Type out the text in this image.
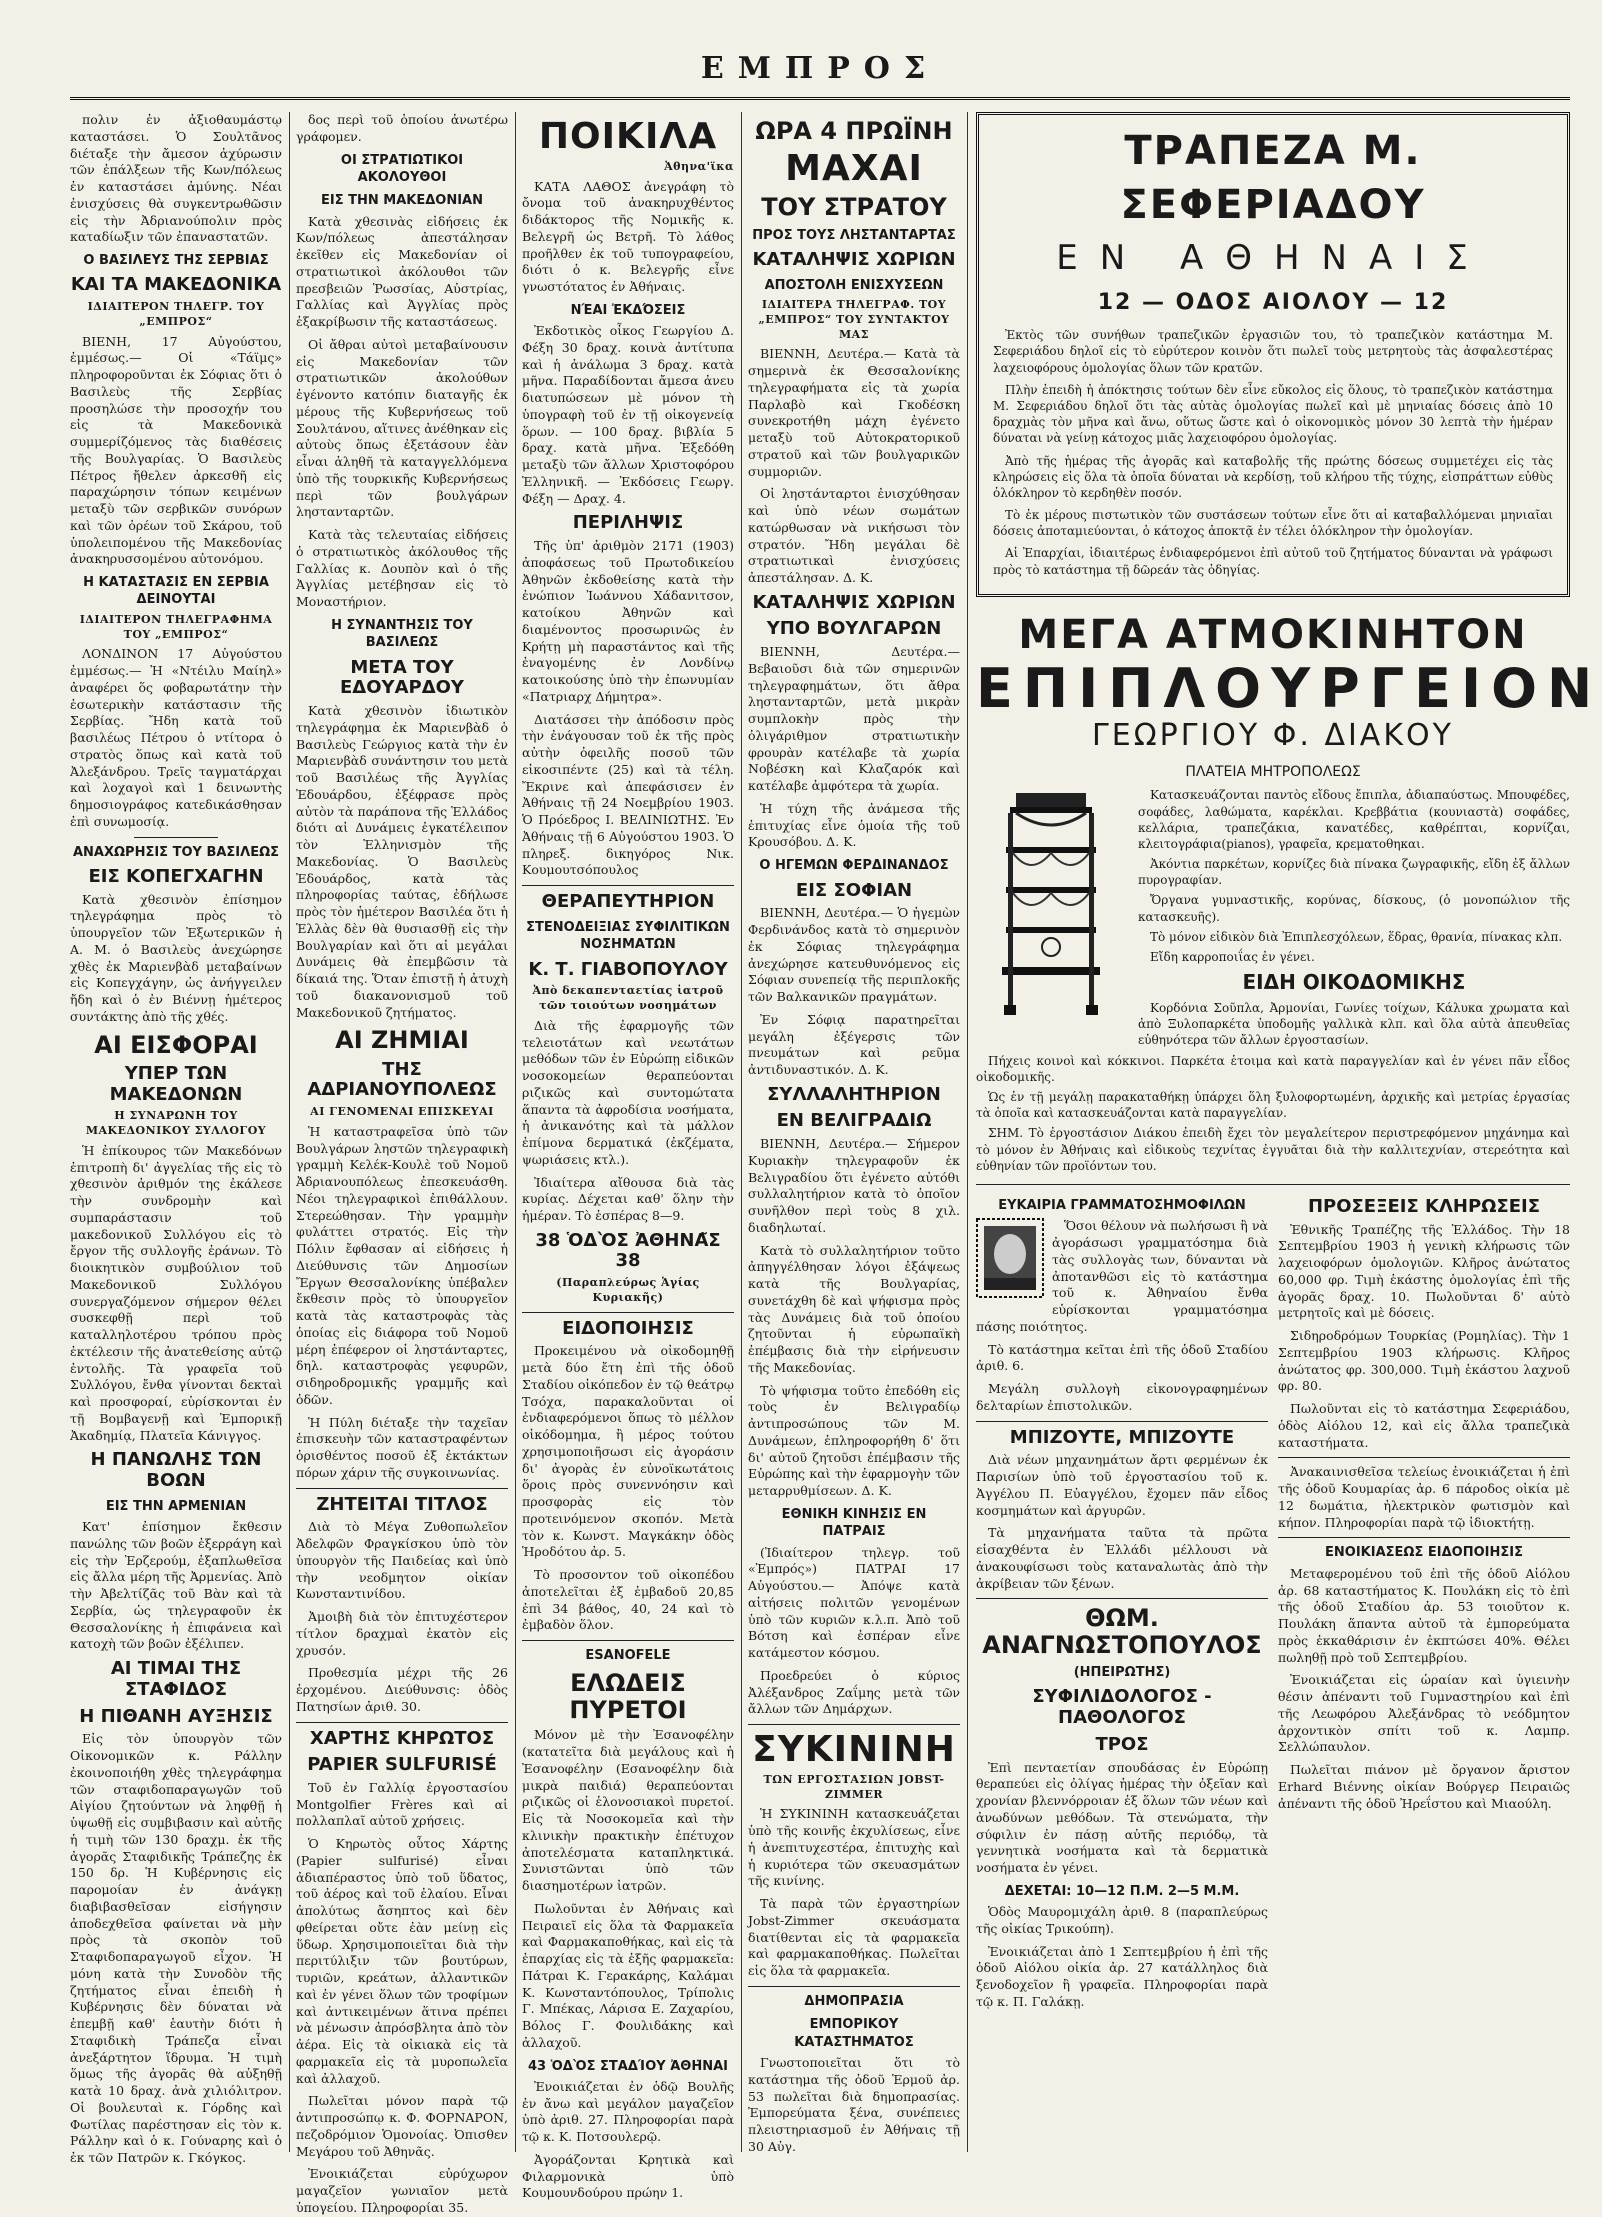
ΕΜΠΡΟΣ

πολιν ἐν ἀξιοθαυμάστῳ καταστάσει. Ὁ Σουλτᾶνος διέταξε τὴν ἄμεσον ἀχύρωσιν τῶν ἐπάλξεων τῆς Κων/πόλεως ἐν καταστάσει ἀμύνης. Νέαι ἐνισχύσεις θὰ συγκεντρωθῶσιν εἰς τὴν Ἀδριανούπολιν πρὸς καταδίωξιν τῶν ἐπαναστατῶν.

Ο ΒΑΣΙΛΕΥΣ ΤΗΣ ΣΕΡΒΙΑΣ
ΚΑΙ ΤΑ ΜΑΚΕΔΟΝΙΚΑ
ΙΔΙΑΙΤΕΡΟΝ ΤΗΛΕΓΡ. ΤΟΥ „ΕΜΠΡΟΣ“

ΒΙΕΝΗ, 17 Αὐγούστου, ἐμμέσως.— Οἱ «Τάϊμς» πληροφοροῦνται ἐκ Σόφιας ὅτι ὁ Βασιλεὺς τῆς Σερβίας προσηλώσε τὴν προσοχήν του εἰς τὰ Μακεδονικὰ συμμερίζόμενος τὰς διαθέσεις τῆς Βουλγαρίας. Ὁ Βασιλεὺς Πέτρος ἤθελεν ἀρκεσθῆ εἰς παραχώρησιν τόπων κειμένων μεταξὺ τῶν σερβικῶν συνόρων καὶ τῶν ὀρέων τοῦ Σκάρου, τοῦ ὑπολειπομένου τῆς Μακεδονίας ἀνακηρυσσομένου αὐτονόμου.

Η ΚΑΤΑΣΤΑΣΙΣ ΕΝ ΣΕΡΒΙΑ ΔΕΙΝΟΥΤΑΙ
ΙΔΙΑΙΤΕΡΟΝ ΤΗΛΕΓΡΑΦΗΜΑ ΤΟΥ „ΕΜΠΡΟΣ“

ΛΟΝΔΙΝΟΝ 17 Αὐγούστου ἐμμέσως.— Ἡ «Ντέιλυ Μαίηλ» ἀναφέρει ὅς φοβαρωτάτην τὴν ἐσωτερικὴν κατάστασιν τῆς Σερβίας. Ἤδη κατὰ τοῦ βασιλέως Πέτρου ὁ ντίτορα ὁ στρατὸς ὅπως καὶ κατὰ τοῦ Ἀλεξάνδρου. Τρεῖς ταγματάρχαι καὶ λοχαγοὶ καὶ 1 δεινωντὴς δημοσιογράφος κατεδικάσθησαν ἐπὶ συνωμοσίᾳ.

ΑΝΑΧΩΡΗΣΙΣ ΤΟΥ ΒΑΣΙΛΕΩΣ
ΕΙΣ ΚΟΠΕΓΧΑΓΗΝ

Κατὰ χθεσινὸν ἐπίσημον τηλεγράφημα πρὸς τὸ ὑπουργεῖον τῶν Ἐξωτερικῶν ἡ Α. Μ. ὁ Βασιλεὺς ἀνεχώρησε χθὲς ἐκ Μαριενβὰδ μεταβαίνων εἰς Κοπεγχάγην, ὡς ἀνήγγειλεν ἤδη καὶ ὁ ἐν Βιέννῃ ἡμέτερος συντάκτης ἀπὸ τῆς χθές.

ΑΙ ΕΙΣΦΟΡΑΙ
ΥΠΕΡ ΤΩΝ ΜΑΚΕΔΟΝΩΝ
Η ΣΥΝΑΡΩΝΗ ΤΟΥ ΜΑΚΕΔΟΝΙΚΟΥ ΣΥΛΛΟΓΟΥ

Ἡ ἐπίκουρος τῶν Μακεδόνων ἐπιτροπὴ δι' ἀγγελίας τῆς εἰς τὸ χθεσινὸν ἀριθμόν της ἐκάλεσε τὴν συνδρομὴν καὶ συμπαράστασιν τοῦ μακεδονικοῦ Συλλόγου εἰς τὸ ἔργον τῆς συλλογῆς ἐράνων. Τὸ διοικητικὸν συμβούλιον τοῦ Μακεδονικοῦ Συλλόγου συνεργαζόμενον σήμερον θέλει συσκεφθῇ περὶ τοῦ καταλληλοτέρου τρόπου πρὸς ἐκτέλεσιν τῆς ἀνατεθείσης αὐτῷ ἐντολῆς. Τὰ γραφεῖα τοῦ Συλλόγου, ἔνθα γίνονται δεκταὶ καὶ προσφοραί, εὑρίσκονται ἐν τῇ Βομβαγενῇ καὶ Ἐμπορικῇ Ἀκαδημίᾳ, Πλατεῖα Κάνιγγος.

Η ΠΑΝΩΛΗΣ ΤΩΝ ΒΟΩΝ
ΕΙΣ ΤΗΝ ΑΡΜΕΝΙΑΝ

Κατ' ἐπίσημον ἔκθεσιν πανώλης τῶν βοῶν ἐξερράγη καὶ εἰς τὴν Ἐρζερούμ, ἐξαπλωθεῖσα εἰς ἄλλα μέρη τῆς Ἀρμενίας. Ἀπὸ τὴν Ἀβελτίζᾶς τοῦ Βὰν καὶ τὰ Σερβία, ὡς τηλεγραφοῦν ἐκ Θεσσαλονίκης ἡ ἐπιφάνεια καὶ κατοχὴ τῶν βοῶν ἐξέλιπεν.

ΑΙ ΤΙΜΑΙ ΤΗΣ ΣΤΑΦΙΔΟΣ
Η ΠΙΘΑΝΗ ΑΥΞΗΣΙΣ

Εἰς τὸν ὑπουργὸν τῶν Οἰκονομικῶν κ. Ράλλην ἐκοινοποιήθη χθὲς τηλεγράφημα τῶν σταφιδοπαραγωγῶν τοῦ Αἰγίου ζητούντων νὰ ληφθῇ ἡ ὑψωθῇ εἰς συμβιβασιν καὶ αὐτῆς ἡ τιμὴ τῶν 130 δραχμ. ἐκ τῆς ἀγορᾶς Σταφιδικῆς Τράπεζης ἐκ 150 δρ. Ἡ Κυβέρνησις εἰς παρομοίαν ἐν ἀνάγκῃ διαβιβασθεῖσαν εἰσήγησιν ἀποδεχθεῖσα φαίνεται νὰ μὴν πρὸς τὰ σκοπὸν τοῦ Σταφιδοπαραγωγοῦ εἶχον. Ἡ μόνη κατὰ τὴν Συνοδὸν τῆς ζητήματος εἶναι ἐπειδὴ ἡ Κυβέρνησις δὲν δύναται νὰ ἐπεμβῇ καθ' ἑαυτὴν διότι ἡ Σταφιδικὴ Τράπεζα εἶναι ἀνεξάρτητον ἵδρυμα. Ἡ τιμὴ ὅμως τῆς ἀγορᾶς θὰ αὐξηθῇ κατὰ 10 δραχ. ἀνὰ χιλιόλιτρον. Οἱ βουλευταὶ κ. Γόρδης καὶ Φωτίλας παρέστησαν εἰς τὸν κ. Ράλλην καὶ ὁ κ. Γούναρης καὶ ὁ ἐκ τῶν Πατρῶν κ. Γκόγκος.

δος περὶ τοῦ ὁποίου ἀνωτέρω γράφομεν.

ΟΙ ΣΤΡΑΤΙΩΤΙΚΟΙ ΑΚΟΛΟΥΘΟΙ
ΕΙΣ ΤΗΝ ΜΑΚΕΔΟΝΙΑΝ

Κατὰ χθεσινὰς εἰδήσεις ἐκ Κων/πόλεως ἀπεστάλησαν ἐκεῖθεν εἰς Μακεδονίαν οἱ στρατιωτικοὶ ἀκόλουθοι τῶν πρεσβειῶν Ῥωσσίας, Αὐστρίας, Γαλλίας καὶ Ἀγγλίας πρὸς ἐξακρίβωσιν τῆς καταστάσεως.

Οἱ ἄθραι αὐτοὶ μεταβαίνουσιν εἰς Μακεδονίαν τῶν στρατιωτικῶν ἀκολούθων ἐγένοντο κατόπιν διαταγῆς ἐκ μέρους τῆς Κυβερνήσεως τοῦ Σουλτάνου, αἵτινες ἀνέθηκαν εἰς αὐτοὺς ὅπως ἐξετάσουν ἐὰν εἶναι ἀληθῆ τὰ καταγγελλόμενα ὑπὸ τῆς τουρκικῆς Κυβερνήσεως περὶ τῶν βουλγάρων ληστανταρτῶν.

Κατὰ τὰς τελευταίας εἰδήσεις ὁ στρατιωτικὸς ἀκόλουθος τῆς Γαλλίας κ. Δουπὸν καὶ ὁ τῆς Ἀγγλίας μετέβησαν εἰς τὸ Μοναστήριον.

Η ΣΥΝΑΝΤΗΣΙΣ ΤΟΥ ΒΑΣΙΛΕΩΣ
ΜΕΤΑ ΤΟΥ ΕΔΟΥΑΡΔΟΥ

Κατὰ χθεσινὸν ἰδιωτικὸν τηλεγράφημα ἐκ Μαριενβὰδ ὁ Βασιλεὺς Γεώργιος κατὰ τὴν ἐν Μαριενβὰδ συνάντησιν του μετὰ τοῦ Βασιλέως τῆς Ἀγγλίας Ἐδουάρδου, ἐξέφρασε πρὸς αὐτὸν τὰ παράπονα τῆς Ἑλλάδος διότι αἱ Δυνάμεις ἐγκατέλειπον τὸν Ἑλληνισμὸν τῆς Μακεδονίας. Ὁ Βασιλεὺς Ἐδουάρδος, κατὰ τὰς πληροφορίας ταύτας, ἐδήλωσε πρὸς τὸν ἡμέτερον Βασιλέα ὅτι ἡ Ἑλλὰς δὲν θὰ θυσιασθῇ εἰς τὴν Βουλγαρίαν καὶ ὅτι αἱ μεγάλαι Δυνάμεις θὰ ἐπεμβῶσιν τὰ δίκαιά της. Ὅταν ἐπιστῇ ἡ ἀτυχὴ τοῦ διακανονισμοῦ τοῦ Μακεδονικοῦ ζητήματος.

ΑΙ ΖΗΜΙΑΙ
ΤΗΣ ΑΔΡΙΑΝΟΥΠΟΛΕΩΣ
ΑΙ ΓΕΝΟΜΕΝΑΙ ΕΠΙΣΚΕΥΑΙ

Ἡ καταστραφεῖσα ὑπὸ τῶν Βουλγάρων ληστῶν τηλεγραφικὴ γραμμὴ Κελέκ-Κουλὲ τοῦ Νομοῦ Ἀδριανουπόλεως ἐπεσκευάσθη. Νέοι τηλεγραφικοὶ ἐπιθάλλουν. Στερεώθησαν. Τὴν γραμμὴν φυλάττει στρατός. Εἰς τὴν Πόλιν ἔφθασαν αἱ εἰδήσεις ἡ Διεύθυνσις τῶν Δημοσίων Ἔργων Θεσσαλονίκης ὑπέβαλεν ἔκθεσιν πρὸς τὸ ὑπουργεῖον κατὰ τὰς καταστροφὰς τὰς ὁποίας εἰς διάφορα τοῦ Νομοῦ μέρη ἐπέφερον οἱ ληστάνταρτες, δηλ. καταστροφὰς γεφυρῶν, σιδηροδρομικῆς γραμμῆς καὶ ὁδῶν.

Ἡ Πύλη διέταξε τὴν ταχεῖαν ἐπισκευὴν τῶν καταστραφέντων ὁρισθέντος ποσοῦ ἐξ ἐκτάκτων πόρων χάριν τῆς συγκοινωνίας.

ΖΗΤΕΙΤΑΙ ΤΙΤΛΟΣ

Διὰ τὸ Μέγα Ζυθοπωλεῖον Ἀδελφῶν Φραγκίσκου ὑπὸ τὸν ὑπουργὸν τῆς Παιδείας καὶ ὑπὸ τὴν νεοδμητον οἰκίαν Κωνσταντινίδου.

Ἀμοιβὴ διὰ τὸν ἐπιτυχέστερον τίτλον δραχμαὶ ἑκατὸν εἰς χρυσόν.

Προθεσμία μέχρι τῆς 26 ἐρχομένου. Διεύθυνσις: ὁδὸς Πατησίων ἀριθ. 30.

ΧΑΡΤΗΣ ΚΗΡΩΤΟΣ
PAPIER SULFURISÉ

Τοῦ ἐν Γαλλίᾳ ἐργοστασίου Montgolfier Frères καὶ αἱ πολλαπλαῖ αὐτοῦ χρήσεις.

Ὁ Κηρωτὸς οὗτος Χάρτης (Papier sulfurisé) εἶναι ἀδιαπέραστος ὑπὸ τοῦ ὕδατος, τοῦ ἀέρος καὶ τοῦ ἐλαίου. Εἶναι ἀπολύτως ἄσηπτος καὶ δὲν φθείρεται οὔτε ἐὰν μείνῃ εἰς ὕδωρ. Χρησιμοποιεῖται διὰ τὴν περιτύλιξιν τῶν βουτύρων, τυριῶν, κρεάτων, ἀλλαντικῶν καὶ ἐν γένει ὅλων τῶν τροφίμων καὶ ἀντικειμένων ἅτινα πρέπει νὰ μένωσιν ἀπρόσβλητα ἀπὸ τὸν ἀέρα. Εἰς τὰ οἰκιακὰ εἰς τὰ φαρμακεῖα εἰς τὰ μυροπωλεῖα καὶ ἀλλαχοῦ.

Πωλεῖται μόνον παρὰ τῷ ἀντιπροσώπῳ κ. Φ. ΦΟΡΝΑΡΟΝ, πεζοδρόμιον Ὁμονοίας. Ὀπισθεν Μεγάρου τοῦ Ἀθηνᾶς.

Ἐνοικιάζεται εὐρύχωρον μαγαζεῖον γωνιαῖον μετὰ ὑπογείου. Πληροφορίαι 35.

ΠΟΙΚΙΛΑ
Ἀθηνα'ϊκα

ΚΑΤΑ ΛΑΘΟΣ ἀνεγράφη τὸ ὄνομα τοῦ ἀνακηρυχθέντος διδάκτορος τῆς Νομικῆς κ. Βελεγρῆ ὡς Βετρῆ. Τὸ λάθος προῆλθεν ἐκ τοῦ τυπογραφείου, διότι ὁ κ. Βελεγρῆς εἶνε γνωστότατος ἐν Ἀθήναις.

ΝΈΑΙ ἘΚΔΌΣΕΙΣ

Ἐκδοτικὸς οἶκος Γεωργίου Δ. Φέξη 30 δραχ. κοινὰ ἀντίτυπα καὶ ἡ ἀνάλωμα 3 δραχ. κατὰ μῆνα. Παραδίδονται ἄμεσα ἀνευ διατυπώσεων μὲ μόνον τὴ ὑπογραφὴ τοῦ ἐν τῇ οἰκογενείᾳ ὅρων. — 100 δραχ. βιβλία 5 δραχ. κατὰ μῆνα. Ἐξεδόθη μεταξὺ τῶν ἄλλων Χριστοφόρου Ἑλληνικῆ. — Ἐκδόσεις Γεωργ. Φέξη — Δραχ. 4.

ΠΕΡΙΛΗΨΙΣ

Τῆς ὑπ' ἀριθμὸν 2171 (1903) ἀποφάσεως τοῦ Πρωτοδικείου Ἀθηνῶν ἐκδοθείσης κατὰ τὴν ἐνώπιον Ἰωάννου Χάδανιτσον, κατοίκου Ἀθηνῶν καὶ διαμένοντος προσωρινῶς ἐν Κρήτῃ μὴ παραστάντος καὶ τῆς ἐναγομένης ἐν Λονδίνῳ κατοικούσης ὑπὸ τὴν ἐπωνυμίαν «Πατριαρχ Δήμητρα».

Διατάσσει τὴν ἀπόδοσιν πρὸς τὴν ἐνάγουσαν τοῦ ἐκ τῆς πρὸς αὐτὴν ὀφειλῆς ποσοῦ τῶν εἰκοσιπέντε (25) καὶ τὰ τέλη. Ἔκρινε καὶ ἀπεφάσισεν ἐν Ἀθήναις τῇ 24 Νοεμβρίου 1903. Ὁ Πρόεδρος Ι. ΒΕΛΙΝΙΩΤΗΣ. Ἐν Ἀθήναις τῇ 6 Αὐγούστου 1903. Ὁ πληρεξ. δικηγόρος Νικ. Κουμουτσόπουλος

ΘΕΡΑΠΕΥΤΗΡΙΟΝ
ΣΤΕΝΟΔΕΙΞΙΑΣ ΣΥΦΙΛΙΤΙΚΩΝ ΝΟΣΗΜΑΤΩΝ
Κ. Τ. ΓΙΑΒΟΠΟΥΛΟΥ
Ἀπὸ δεκαπενταετίας ἰατροῦ τῶν τοιούτων νοσημάτων

Διὰ τῆς ἐφαρμογῆς τῶν τελειοτάτων καὶ νεωτάτων μεθόδων τῶν ἐν Εὐρώπῃ εἰδικῶν νοσοκομείων θεραπεύονται ριζικῶς καὶ συντομώτατα ἅπαντα τὰ ἀφροδίσια νοσήματα, ἡ ἀνικανότης καὶ τὰ μάλλον ἐπίμονα δερματικά (ἐκζέματα, ψωριάσεις κτλ.).

Ἰδιαίτερα αἴθουσα διὰ τὰς κυρίας. Δέχεται καθ' ὅλην τὴν ἡμέραν. Τὸ ἑσπέρας 8—9.

38 ὉΔῸΣ ἈΘΗΝΑ͂Σ 38
(Παραπλεύρως Ἁγίας Κυριακῆς)
ΕΙΔΟΠΟΙΗΣΙΣ

Προκειμένου νὰ οἰκοδομηθῇ μετὰ δύο ἔτη ἐπὶ τῆς ὁδοῦ Σταδίου οἰκόπεδον ἐν τῷ θεάτρῳ Τσόχα, παρακαλοῦνται οἱ ἐνδιαφερόμενοι ὅπως τὸ μέλλον οἰκόδομημα, ἢ μέρος τούτου χρησιμοποιῆσωσι εἰς ἀγοράσιν δι' ἀγορὰς ἐν εὐνοϊκωτάτοις ὅροις πρὸς συνεννόησιν καὶ προσφορὰς εἰς τὸν προτεινόμενον σκοπόν. Μετὰ τὸν κ. Κωνστ. Μαγκάκην ὁδὸς Ἡροδότου ἀρ. 5.

Τὸ προσοντον τοῦ οἰκοπέδου ἀποτελεῖται ἐξ ἐμβαδοῦ 20,85 ἐπὶ 34 βάθος, 40, 24 καὶ τὸ ἐμβαδὸν ὅλον.

ESANOFELE
ΕΛΩΔΕΙΣ ΠΥΡΕΤΟΙ

Μόνον μὲ τὴν Ἐσανοφέλην (κατατεῖτα διὰ μεγάλους καὶ ἡ Ἐσανοφέλην (Εσανοφέλην διὰ μικρὰ παιδιά) θεραπεύονται ριζικῶς οἱ ἑλονοσιακοὶ πυρετοί. Εἰς τὰ Νοσοκομεῖα καὶ τὴν κλινικὴν πρακτικὴν ἐπέτυχον ἀποτελέσματα καταπληκτικά. Συνιστῶνται ὑπὸ τῶν διασημοτέρων ἰατρῶν.

Πωλοῦνται ἐν Ἀθήναις καὶ Πειραιεῖ εἰς ὅλα τὰ Φαρμακεῖα καὶ Φαρμακαποθήκας, καὶ εἰς τὰ ἐπαρχίας εἰς τὰ ἑξῆς φαρμακεῖα: Πάτραι Κ. Γερακάρης, Καλάμαι Κ. Κωνσταντόπουλος, Τρίπολις Γ. Μπέκας, Λάρισα Ε. Ζαχαρίου, Βόλος Γ. Φουλιδάκης καὶ ἀλλαχοῦ.

43 ὉΔῸΣ ΣΤΑΔΊΟΥ ἈΘΗ͂ΝΑΙ

Ἐνοικιάζεται ἐν ὁδῷ Βουλῆς ἐν ἄνω καὶ μεγάλον μαγαζεῖον ὑπὸ ἀριθ. 27. Πληροφορίαι παρὰ τῷ κ. Κ. Ποτσουλερῷ.

Ἀγοράζονται Κρητικὰ καὶ Φιλαρμονικὰ ὑπὸ Κουμουνδούρου πρώην 1.

ΩΡΑ 4 ΠΡΩΪΝΗ
ΜΑΧΑΙ
ΤΟΥ ΣΤΡΑΤΟΥ
ΠΡΟΣ ΤΟΥΣ ΛΗΣΤΑΝΤΑΡΤΑΣ
ΚΑΤΑΛΗΨΙΣ ΧΩΡΙΩΝ
ΑΠΟΣΤΟΛΗ ΕΝΙΣΧΥΣΕΩΝ
ΙΔΙΑΙΤΕΡΑ ΤΗΛΕΓΡΑΦ. ΤΟΥ „ΕΜΠΡΟΣ“ ΤΟΥ ΣΥΝΤΑΚΤΟΥ ΜΑΣ

ΒΙΕΝΝΗ, Δευτέρα.— Κατὰ τὰ σημερινὰ ἐκ Θεσσαλονίκης τηλεγραφήματα εἰς τὰ χωρία Παρλαβὸ καὶ Γκοδέσκη συνεκροτήθη μάχη ἐγένετο μεταξὺ τοῦ Αὐτοκρατορικοῦ στρατοῦ καὶ τῶν βουλγαρικῶν συμμοριῶν.

Οἱ ληστάνταρτοι ἐνισχύθησαν καὶ ὑπὸ νέων σωμάτων κατώρθωσαν νὰ νικήσωσι τὸν στρατόν. Ἤδη μεγάλαι δὲ στρατιωτικαὶ ἐνισχύσεις ἀπεστάλησαν. Δ. Κ.

ΚΑΤΑΛΗΨΙΣ ΧΩΡΙΩΝ
ΥΠΟ ΒΟΥΛΓΑΡΩΝ

ΒΙΕΝΝΗ, Δευτέρα.— Βεβαιοῦσι διὰ τῶν σημερινῶν τηλεγραφημάτων, ὅτι ἄθρα ληστανταρτῶν, μετὰ μικρὰν συμπλοκὴν πρὸς τὴν ὀλιγάριθμον στρατιωτικὴν φρουρὰν κατέλαβε τὰ χωρία Νοβέσκη καὶ Κλαζαρόκ καὶ κατέλαβε ἀμφότερα τὰ χωρία.

Ἡ τύχη τῆς ἀνάμεσα τῆς ἐπιτυχίας εἶνε ὁμοία τῆς τοῦ Κρουσόβου. Δ. Κ.

Ο ΗΓΕΜΩΝ ΦΕΡΔΙΝΑΝΔΟΣ
ΕΙΣ ΣΟΦΙΑΝ

ΒΙΕΝΝΗ, Δευτέρα.— Ὁ ἡγεμὼν Φερδινάνδος κατὰ τὸ σημερινὸν ἐκ Σόφιας τηλεγράφημα ἀνεχώρησε κατευθυνόμενος εἰς Σόφιαν συνεπείᾳ τῆς περιπλοκῆς τῶν Βαλκανικῶν πραγμάτων.

Ἐν Σόφιᾳ παρατηρεῖται μεγάλη ἐξέγερσις τῶν πνευμάτων καὶ ρεῦμα ἀντιδυναστικόν. Δ. Κ.

ΣΥΛΛΑΛΗΤΗΡΙΟΝ
ΕΝ ΒΕΛΙΓΡΑΔΙΩ

ΒΙΕΝΝΗ, Δευτέρα.— Σήμερον Κυριακὴν τηλεγραφοῦν ἐκ Βελιγραδίου ὅτι ἐγένετο αὐτόθι συλλαλητήριον κατὰ τὸ ὁποῖον συνῆλθον περὶ τοὺς 8 χιλ. διαδηλωταί.

Κατὰ τὸ συλλαλητήριον τοῦτο ἀπηγγέλθησαν λόγοι ἐξάψεως κατὰ τῆς Βουλγαρίας, συνετάχθη δὲ καὶ ψήφισμα πρὸς τὰς Δυνάμεις διὰ τοῦ ὁποίου ζητοῦνται ἡ εὐρωπαϊκὴ ἐπέμβασις διὰ τὴν εἰρήνευσιν τῆς Μακεδονίας.

Τὸ ψήφισμα τοῦτο ἐπεδόθη εἰς τοὺς ἐν Βελιγραδίῳ ἀντιπροσώπους τῶν Μ. Δυνάμεων, ἐπληροφορήθη δ' ὅτι δι' αὐτοῦ ζητοῦσι ἐπέμβασιν τῆς Εὐρώπης καὶ τὴν ἐφαρμογὴν τῶν μεταρρυθμίσεων. Δ. Κ.

ΕΘΝΙΚΗ ΚΙΝΗΣΙΣ ΕΝ ΠΑΤΡΑΙΣ

(Ἰδιαίτερον τηλεγρ. τοῦ «Ἐμπρός») ΠΑΤΡΑΙ 17 Αὐγούστου.— Ἀπόψε κατὰ αἰτήσεις πολιτῶν γενομένων ὑπὸ τῶν κυριῶν κ.λ.π. Ἀπὸ τοῦ Βότση καὶ ἐσπέραν εἶνε κατάμεστον κόσμου.

Προεδρεύει ὁ κύριος Ἀλέξανδρος Ζαΐμης μετὰ τῶν ἄλλων τῶν Δημάρχων.

ΣΥΚΙΝΙΝΗ
ΤΩΝ ΕΡΓΟΣΤΑΣΙΩΝ JOBST-ZIMMER

Ἡ ΣΥΚΙΝΙΝΗ κατασκευάζεται ὑπὸ τῆς κοινῆς ἐκχυλίσεως, εἶνε ἡ ἀνεπιτυχεστέρα, ἐπιτυχὴς καὶ ἡ κυριότερα τῶν σκευασμάτων τῆς κινίνης.

Τὰ παρὰ τῶν ἐργαστηρίων Jobst-Zimmer σκευάσματα διατίθενται εἰς τὰ φαρμακεῖα καὶ φαρμακαποθήκας. Πωλεῖται εἰς ὅλα τὰ φαρμακεῖα.

ΔΗΜΟΠΡΑΣΙΑ
ΕΜΠΟΡΙΚΟΥ ΚΑΤΑΣΤΗΜΑΤΟΣ

Γνωστοποιεῖται ὅτι τὸ κατάστημα τῆς ὁδοῦ Ἑρμοῦ ἀρ. 53 πωλεῖται διὰ δημοπρασίας. Ἐμπορεύματα ξένα, συνέπειες πλειστηριασμοῦ ἐν Ἀθήναις τῇ 30 Αὐγ.

ΤΡΑΠΕΖΑ Μ. ΣΕΦΕΡΙΑΔΟΥ
ΕΝ ΑΘΗΝΑΙΣ
12 — ΟΔΟΣ ΑΙΟΛΟΥ — 12

Ἐκτὸς τῶν συνήθων τραπεζικῶν ἐργασιῶν του, τὸ τραπεζικὸν κατάστημα Μ. Σεφεριάδου δηλοῖ εἰς τὸ εὐρύτερον κοινὸν ὅτι πωλεῖ τοὺς μετρητοὺς τὰς ἀσφαλεστέρας λαχειοφόρους ὁμολογίας ὅλων τῶν κρατῶν.

Πλὴν ἐπειδὴ ἡ ἀπόκτησις τούτων δὲν εἶνε εὔκολος εἰς ὅλους, τὸ τραπεζικὸν κατάστημα Μ. Σεφεριάδου δηλοῖ ὅτι τὰς αὐτὰς ὁμολογίας πωλεῖ καὶ μὲ μηνιαίας δόσεις ἀπὸ 10 δραχμὰς τὸν μῆνα καὶ ἄνω, οὕτως ὥστε καὶ ὁ οἰκονομικὸς μόνον 30 λεπτὰ τὴν ἡμέραν δύναται νὰ γείνῃ κάτοχος μιᾶς λαχειοφόρου ὁμολογίας.

Ἀπὸ τῆς ἡμέρας τῆς ἀγορᾶς καὶ καταβολῆς τῆς πρώτης δόσεως συμμετέχει εἰς τὰς κληρώσεις εἰς ὅλα τὰ ὁποῖα δύναται νὰ κερδίσῃ, τοῦ κλήρου τῆς τύχης, εἰσπράττων εὐθὺς ὁλόκληρον τὸ κερδηθὲν ποσόν.

Τὸ ἐκ μέρους πιστωτικὸν τῶν συστάσεων τούτων εἶνε ὅτι αἱ καταβαλλόμεναι μηνιαῖαι δόσεις ἀποταμιεύονται, ὁ κάτοχος ἀποκτᾷ ἐν τέλει ὁλόκληρον τὴν ὁμολογίαν.

Αἱ Ἐπαρχίαι, ἰδιαιτέρως ἐνδιαφερόμενοι ἐπὶ αὐτοῦ τοῦ ζητήματος δύνανται νὰ γράφωσι πρὸς τὸ κατάστημα τῇ δῶρεάν τὰς ὁδηγίας.

ΜΕΓΑ ΑΤΜΟΚΙΝΗΤΟΝ
ΕΠΙΠΛΟΥΡΓΕΙΟΝ
ΓΕΩΡΓΙΟΥ Φ. ΔΙΑΚΟΥ
ΠΛΑΤΕΙΑ ΜΗΤΡΟΠΟΛΕΩΣ

Κατασκευάζονται παντὸς εἴδους ἔπιπλα, ἀδιαπαύστως. Μπουφέδες, σοφάδες, λαθώματα, καρέκλαι. Κρεββάτια (κουνιαστὰ) σοφάδες, κελλάρια, τραπεζάκια, κανατέδες, καθρέπται, κορνίζαι, κλειτογράφια(pianos), γραφεῖα, κρεματοθηκαι.

Ἀκόντια παρκέτων, κορνίζες διὰ πίνακα ζωγραφικῆς, εἴδη ἐξ ἄλλων πυρογραφίαν.

Ὄργανα γυμναστικῆς, κορύνας, δίσκους, (ὁ μονοπώλιον τῆς κατασκευῆς).

Τὸ μόνον εἰδικὸν διὰ Ἐπιπλεσχόλεων, ἕδρας, θρανία, πίνακας κλπ.

Εἴδη καρροποιΐας ἐν γένει.

ΕΙΔΗ ΟΙΚΟΔΟΜΙΚΗΣ

Κορδόνια Σοῦπλα, Ἀρμονίαι, Γωνίες τοίχων, Κάλυκα χρωματα καὶ ἀπὸ Ξυλοπαρκέτα ὑποδομῆς γαλλικὰ κλπ. καὶ ὅλα αὐτὰ ἀπευθεῖας εὐθηνότερα τῶν ἄλλων ἐργοστασίων.

Πήχεις κοινοὶ καὶ κόκκινοι. Παρκέτα ἑτοιμα καὶ κατὰ παραγγελίαν καὶ ἐν γένει πᾶν εἶδος οἰκοδομικῆς.

Ὡς ἐν τῇ μεγάλῃ παρακαταθήκῃ ὑπάρχει ὅλη ξυλοφορτωμένη, ἀρχικῆς καὶ μετρίας ἐργασίας τὰ ὁποῖα καὶ κατασκευάζονται κατὰ παραγγελίαν.

ΣΗΜ. Τὸ ἐργοστάσιον Διάκου ἐπειδὴ ἔχει τὸν μεγαλείτερον περιστρεφόμενον μηχάνημα καὶ τὸ μόνον ἐν Ἀθήναις καὶ εἰδικοὺς τεχνίτας ἐγγυᾶται διὰ τὴν καλλιτεχνίαν, στερεότητα καὶ εὐθηνίαν τῶν προϊόντων του.

ΕΥΚΑΙΡΙΑ ΓΡΑΜΜΑΤΟΣΗΜΟΦΙΛΩΝ

Ὅσοι θέλουν νὰ πωλήσωσι ἢ νὰ ἀγοράσωσι γραμματόσημα διὰ τὰς συλλογὰς των, δύνανται νὰ ἀποτανθῶσι εἰς τὸ κατάστημα τοῦ κ. Ἀθηναίου ἔνθα εὑρίσκονται γραμματόσημα πάσης ποιότητος.

Τὸ κατάστημα κεῖται ἐπὶ τῆς ὁδοῦ Σταδίου ἀριθ. 6.

Μεγάλη συλλογὴ εἰκονογραφημένων δελταρίων ἐπιστολικῶν.

ΜΠΙΖΟΥΤΕ, ΜΠΙΖΟΥΤΕ

Διὰ νέων μηχανημάτων ἄρτι φερμένων ἐκ Παρισίων ὑπὸ τοῦ ἐργοστασίου τοῦ κ. Ἀγγέλου Π. Εὐαγγέλου, ἔχομεν πᾶν εἶδος κοσμημάτων καὶ ἀργυρῶν.

Τὰ μηχανήματα ταῦτα τὰ πρῶτα εἰσαχθέντα ἐν Ἑλλάδι μέλλουσι νὰ ἀνακουφίσωσι τοὺς καταναλωτὰς ἀπὸ τὴν ἀκρίβειαν τῶν ξένων.

ΘΩΜ. ΑΝΑΓΝΩΣΤΟΠΟΥΛΟΣ
(ΗΠΕΙΡΩΤΗΣ)
ΣΥΦΙΛΙΔΟΛΟΓΟΣ - ΠΑΘΟΛΟΓΟΣ
ΤΡΟΣ

Ἐπὶ πενταετίαν σπουδάσας ἐν Εὐρώπῃ θεραπεύει εἰς ὀλίγας ἡμέρας τὴν ὀξεῖαν καὶ χρονίαν βλεννόρροιαν ἐξ ὅλων τῶν νέων καὶ ἀνωδύνων μεθόδων. Τὰ στενώματα, τὴν σύφιλιν ἐν πάσῃ αὐτῆς περιόδῳ, τὰ γεννητικὰ νοσήματα καὶ τὰ δερματικὰ νοσήματα ἐν γένει.

ΔΕΧΕΤΑΙ: 10—12 Π.Μ. 2—5 Μ.Μ.

Ὁδὸς Μαυρομιχάλη ἀριθ. 8 (παραπλεύρως τῆς οἰκίας Τρικούπη).

Ἐνοικιάζεται ἀπὸ 1 Σεπτεμβρίου ἡ ἐπὶ τῆς ὁδοῦ Αἰόλου οἰκία ἀρ. 27 κατάλληλος διὰ ξενοδοχεῖον ἢ γραφεῖα. Πληροφορίαι παρὰ τῷ κ. Π. Γαλάκῃ.

ΠΡΟΣΕΞΕΙΣ ΚΛΗΡΩΣΕΙΣ

Ἐθνικῆς Τραπέζης τῆς Ἑλλάδος. Τὴν 18 Σεπτεμβρίου 1903 ἡ γενικὴ κλήρωσις τῶν λαχειοφόρων ὁμολογιῶν. Κλῆρος ἀνώτατος 60,000 φρ. Τιμὴ ἑκάστης ὁμολογίας ἐπὶ τῆς ἀγορᾶς δραχ. 10. Πωλοῦνται δ' αὐτὸ μετρητοῖς καὶ μὲ δόσεις.

Σιδηροδρόμων Τουρκίας (Ρομηλίας). Τὴν 1 Σεπτεμβρίου 1903 κλήρωσις. Κλῆρος ἀνώτατος φρ. 300,000. Τιμὴ ἑκάστου λαχνοῦ φρ. 80.

Πωλοῦνται εἰς τὸ κατάστημα Σεφεριάδου, ὁδὸς Αἰόλου 12, καὶ εἰς ἄλλα τραπεζικὰ καταστήματα.

Ἀνακαινισθεῖσα τελείως ἐνοικιάζεται ἡ ἐπὶ τῆς ὁδοῦ Κουμαρίας ἀρ. 6 πάροδος οἰκία μὲ 12 δωμάτια, ἠλεκτρικὸν φωτισμὸν καὶ κήπον. Πληροφορίαι παρὰ τῷ ἰδιοκτήτῃ.

ΕΝΟΙΚΙΑΣΕΩΣ ΕΙΔΟΠΟΙΗΣΙΣ

Μεταφερομένου τοῦ ἐπὶ τῆς ὁδοῦ Αἰόλου ἀρ. 68 καταστήματος Κ. Πουλάκη εἰς τὸ ἐπὶ τῆς ὁδοῦ Σταδίου ἀρ. 53 τοιοῦτον κ. Πουλάκη ἅπαντα αὐτοῦ τὰ ἐμπορεύματα πρὸς ἐκκαθάρισιν ἐν ἐκπτώσει 40%. Θέλει πωληθῇ πρὸ τοῦ Σεπτεμβρίου.

Ἐνοικιάζεται εἰς ὡραίαν καὶ ὑγιεινὴν θέσιν ἀπέναντι τοῦ Γυμναστηρίου καὶ ἐπὶ τῆς Λεωφόρου Ἀλεξάνδρας τὸ νεόδμητον ἀρχοντικὸν σπίτι τοῦ κ. Λαμπρ. Σελλώπαυλον.

Πωλεῖται πιάνον μὲ ὄργανον ἄριστον Erhard Βιέννης οἰκίαν Βούργερ Πειραιῶς ἀπέναντι τῆς ὁδοῦ Ἠρεΐστου καὶ Μιαούλη.
